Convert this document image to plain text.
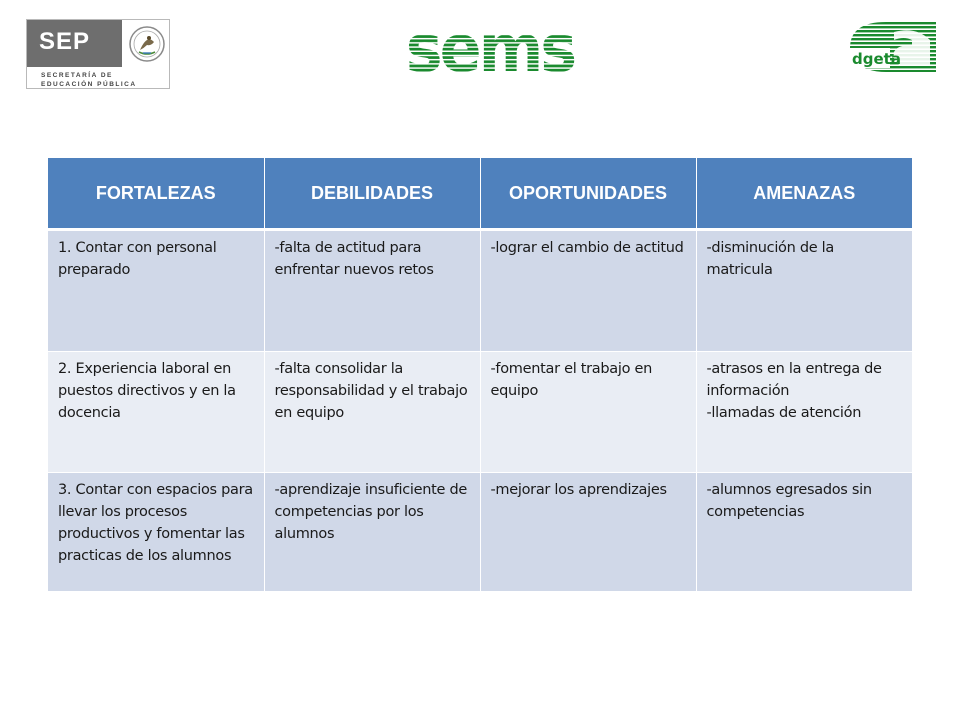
SEP
SECRETARÍA DE
EDUCACIÓN PÚBLICA	sems	dgeta
FORTALEZAS	DEBILIDADES	OPORTUNIDADES	AMENAZAS

1. Contar con personal preparado	-falta de actitud para enfrentar nuevos retos	-lograr el cambio de actitud	-disminución de la matricula

2. Experiencia laboral en puestos directivos y en la docencia	-falta consolidar la responsabilidad y el trabajo en equipo	-fomentar el trabajo en equipo	-atrasos en la entrega de información
-llamadas de atención

3. Contar con espacios para llevar los procesos productivos y fomentar las practicas de los alumnos	-aprendizaje insuficiente de competencias por los alumnos	-mejorar los aprendizajes	-alumnos egresados sin competencias
